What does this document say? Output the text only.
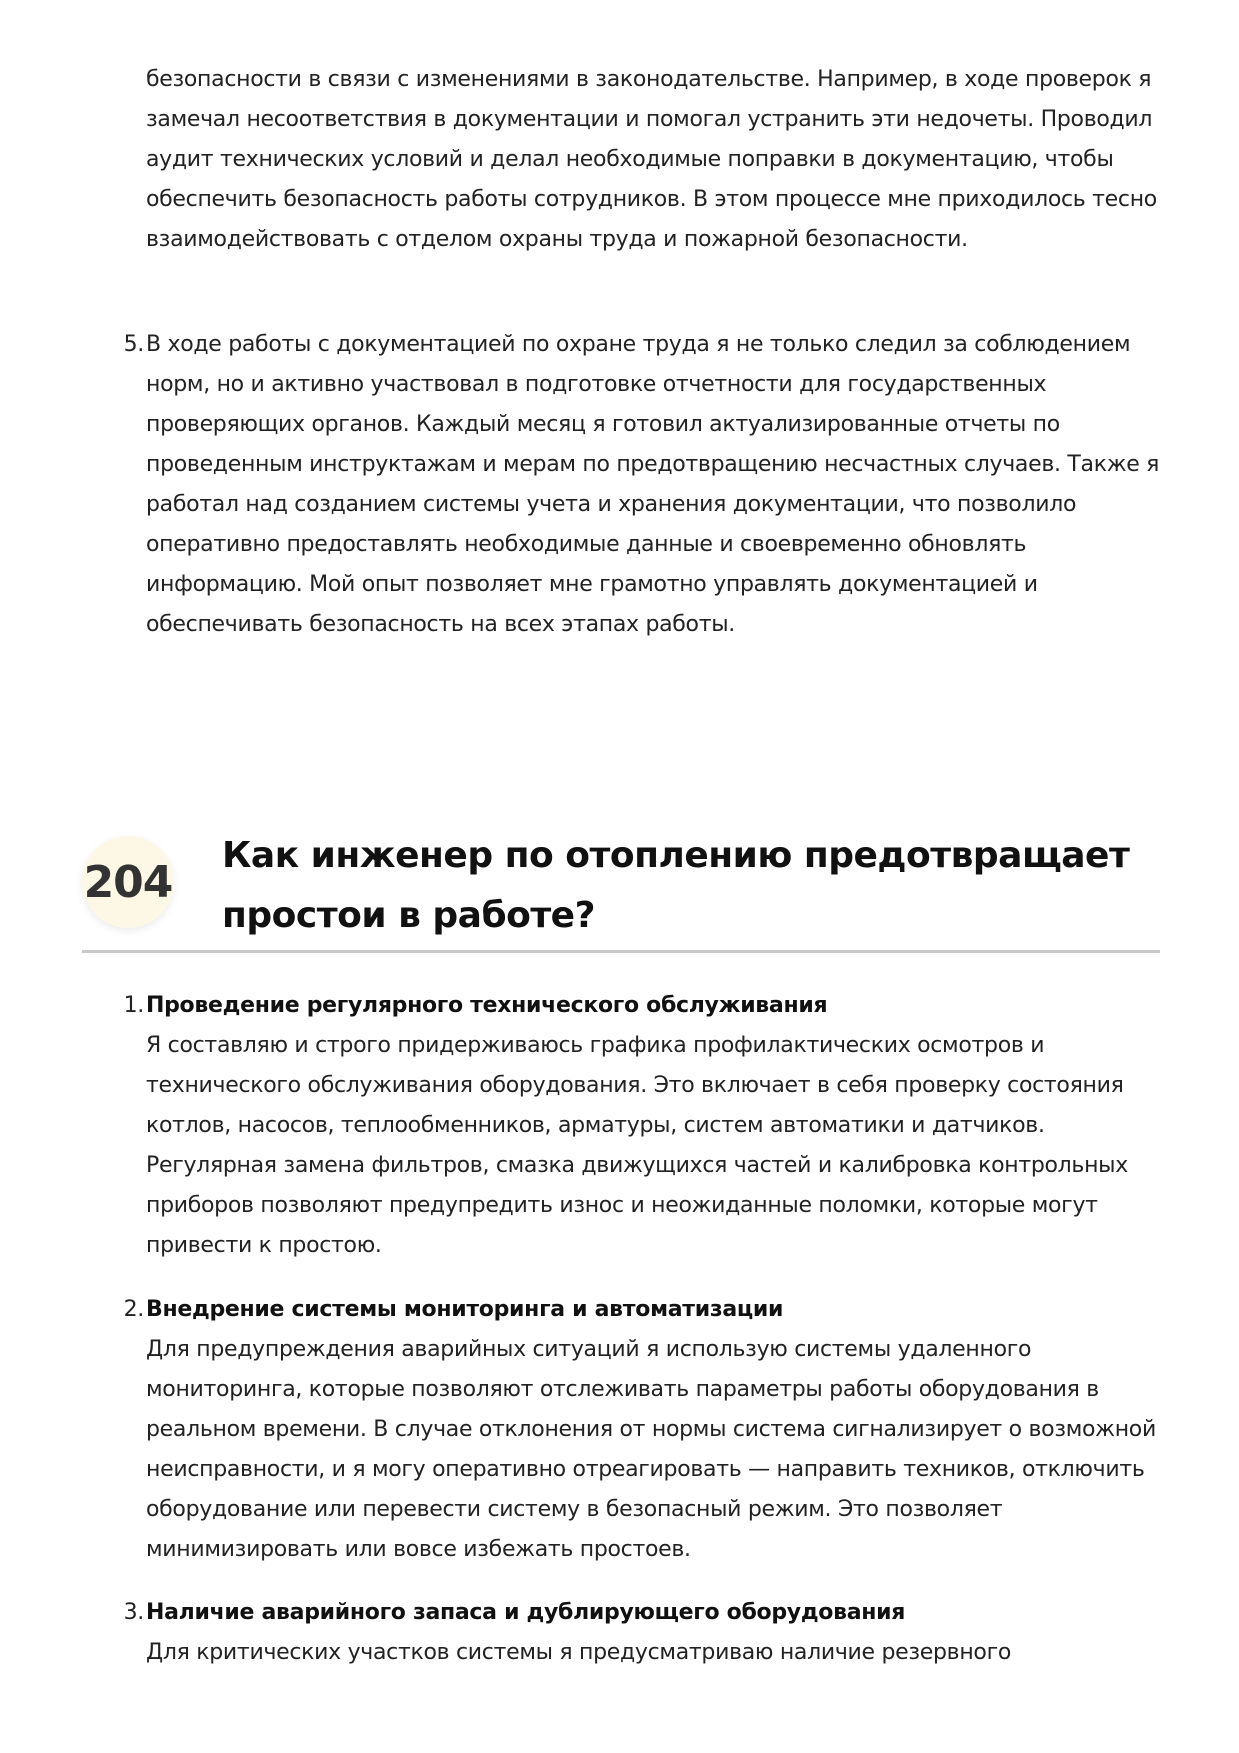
безопасности в связи с изменениями в законодательстве. Например, в ходе проверок я замечал несоответствия в документации и помогал устранить эти недочеты. Проводил аудит технических условий и делал необходимые поправки в документацию, чтобы обеспечить безопасность работы сотрудников. В этом процессе мне приходилось тесно взаимодействовать с отделом охраны труда и пожарной безопасности.

5. В ходе работы с документацией по охране труда я не только следил за соблюдением норм, но и активно участвовал в подготовке отчетности для государственных проверяющих органов. Каждый месяц я готовил актуализированные отчеты по проведенным инструктажам и мерам по предотвращению несчастных случаев. Также я работал над созданием системы учета и хранения документации, что позволило оперативно предоставлять необходимые данные и своевременно обновлять информацию. Мой опыт позволяет мне грамотно управлять документацией и обеспечивать безопасность на всех этапах работы.

204
Как инженер по отоплению предотвращает простои в работе?
1. Проведение регулярного технического обслуживания

Я составляю и строго придерживаюсь графика профилактических осмотров и технического обслуживания оборудования. Это включает в себя проверку состояния котлов, насосов, теплообменников, арматуры, систем автоматики и датчиков. Регулярная замена фильтров, смазка движущихся частей и калибровка контрольных приборов позволяют предупредить износ и неожиданные поломки, которые могут привести к простою.

2. Внедрение системы мониторинга и автоматизации

Для предупреждения аварийных ситуаций я использую системы удаленного мониторинга, которые позволяют отслеживать параметры работы оборудования в реальном времени. В случае отклонения от нормы система сигнализирует о возможной неисправности, и я могу оперативно отреагировать — направить техников, отключить оборудование или перевести систему в безопасный режим. Это позволяет минимизировать или вовсе избежать простоев.

3. Наличие аварийного запаса и дублирующего оборудования

Для критических участков системы я предусматриваю наличие резервного
